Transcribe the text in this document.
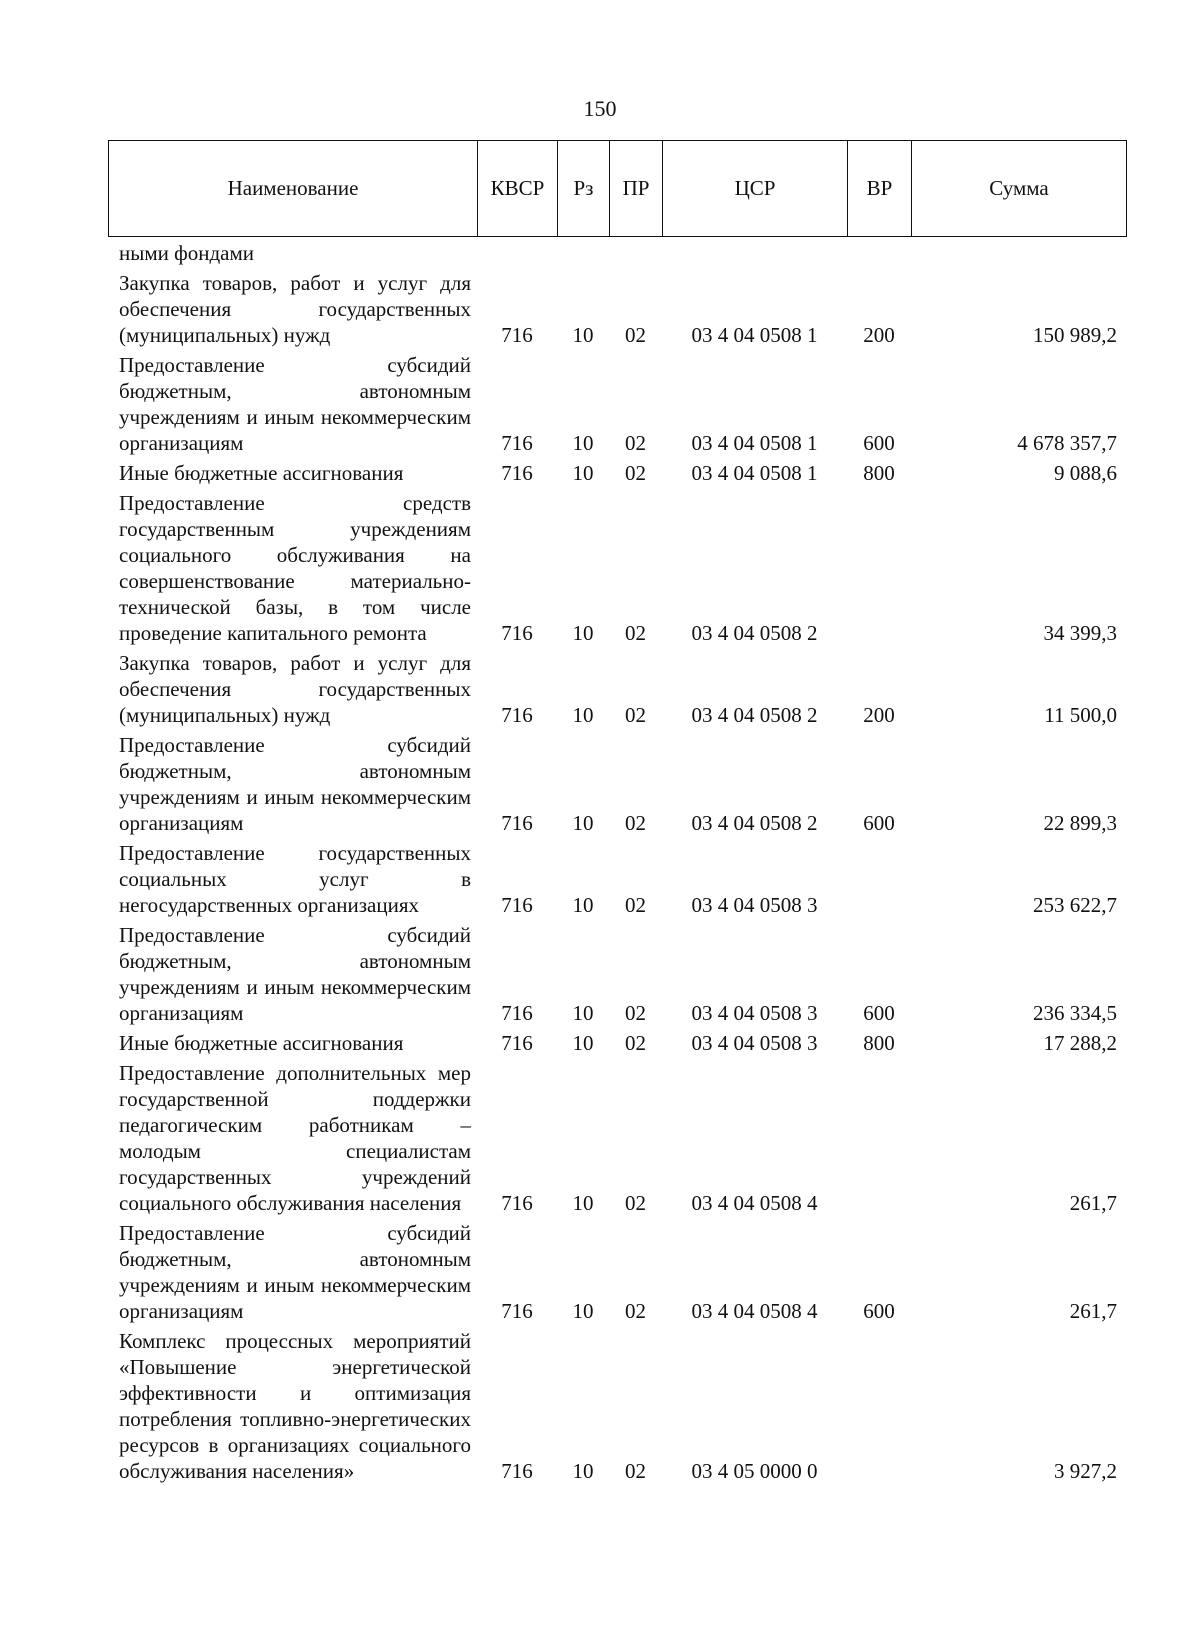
150
Наименование	КВСР	Рз	ПР	ЦСР	ВР	Сумма
ными фондами						
Закупка товаров, работ и услуг для обеспечения государственных (муниципальных) нужд	716	10	02	03 4 04 0508 1	200	150 989,2
Предоставление субсидий бюджетным, автономным учреждениям и иным некоммерческим организациям	716	10	02	03 4 04 0508 1	600	4 678 357,7
Иные бюджетные ассигнования	716	10	02	03 4 04 0508 1	800	9 088,6
Предоставление средств государственным учреждениям социального обслуживания на совершенствование материально-технической базы, в том числе проведение капитального ремонта	716	10	02	03 4 04 0508 2		34 399,3
Закупка товаров, работ и услуг для обеспечения государственных (муниципальных) нужд	716	10	02	03 4 04 0508 2	200	11 500,0
Предоставление субсидий бюджетным, автономным учреждениям и иным некоммерческим организациям	716	10	02	03 4 04 0508 2	600	22 899,3
Предоставление государственных социальных услуг в негосударственных организациях	716	10	02	03 4 04 0508 3		253 622,7
Предоставление субсидий бюджетным, автономным учреждениям и иным некоммерческим организациям	716	10	02	03 4 04 0508 3	600	236 334,5
Иные бюджетные ассигнования	716	10	02	03 4 04 0508 3	800	17 288,2
Предоставление дополнительных мер государственной поддержки педагогическим работникам – молодым специалистам государственных учреждений социального обслуживания населения	716	10	02	03 4 04 0508 4		261,7
Предоставление субсидий бюджетным, автономным учреждениям и иным некоммерческим организациям	716	10	02	03 4 04 0508 4	600	261,7
Комплекс процессных мероприятий «Повышение энергетической эффективности и оптимизация потребления топливно-энергетических ресурсов в организациях социального обслуживания населения»	716	10	02	03 4 05 0000 0		3 927,2
